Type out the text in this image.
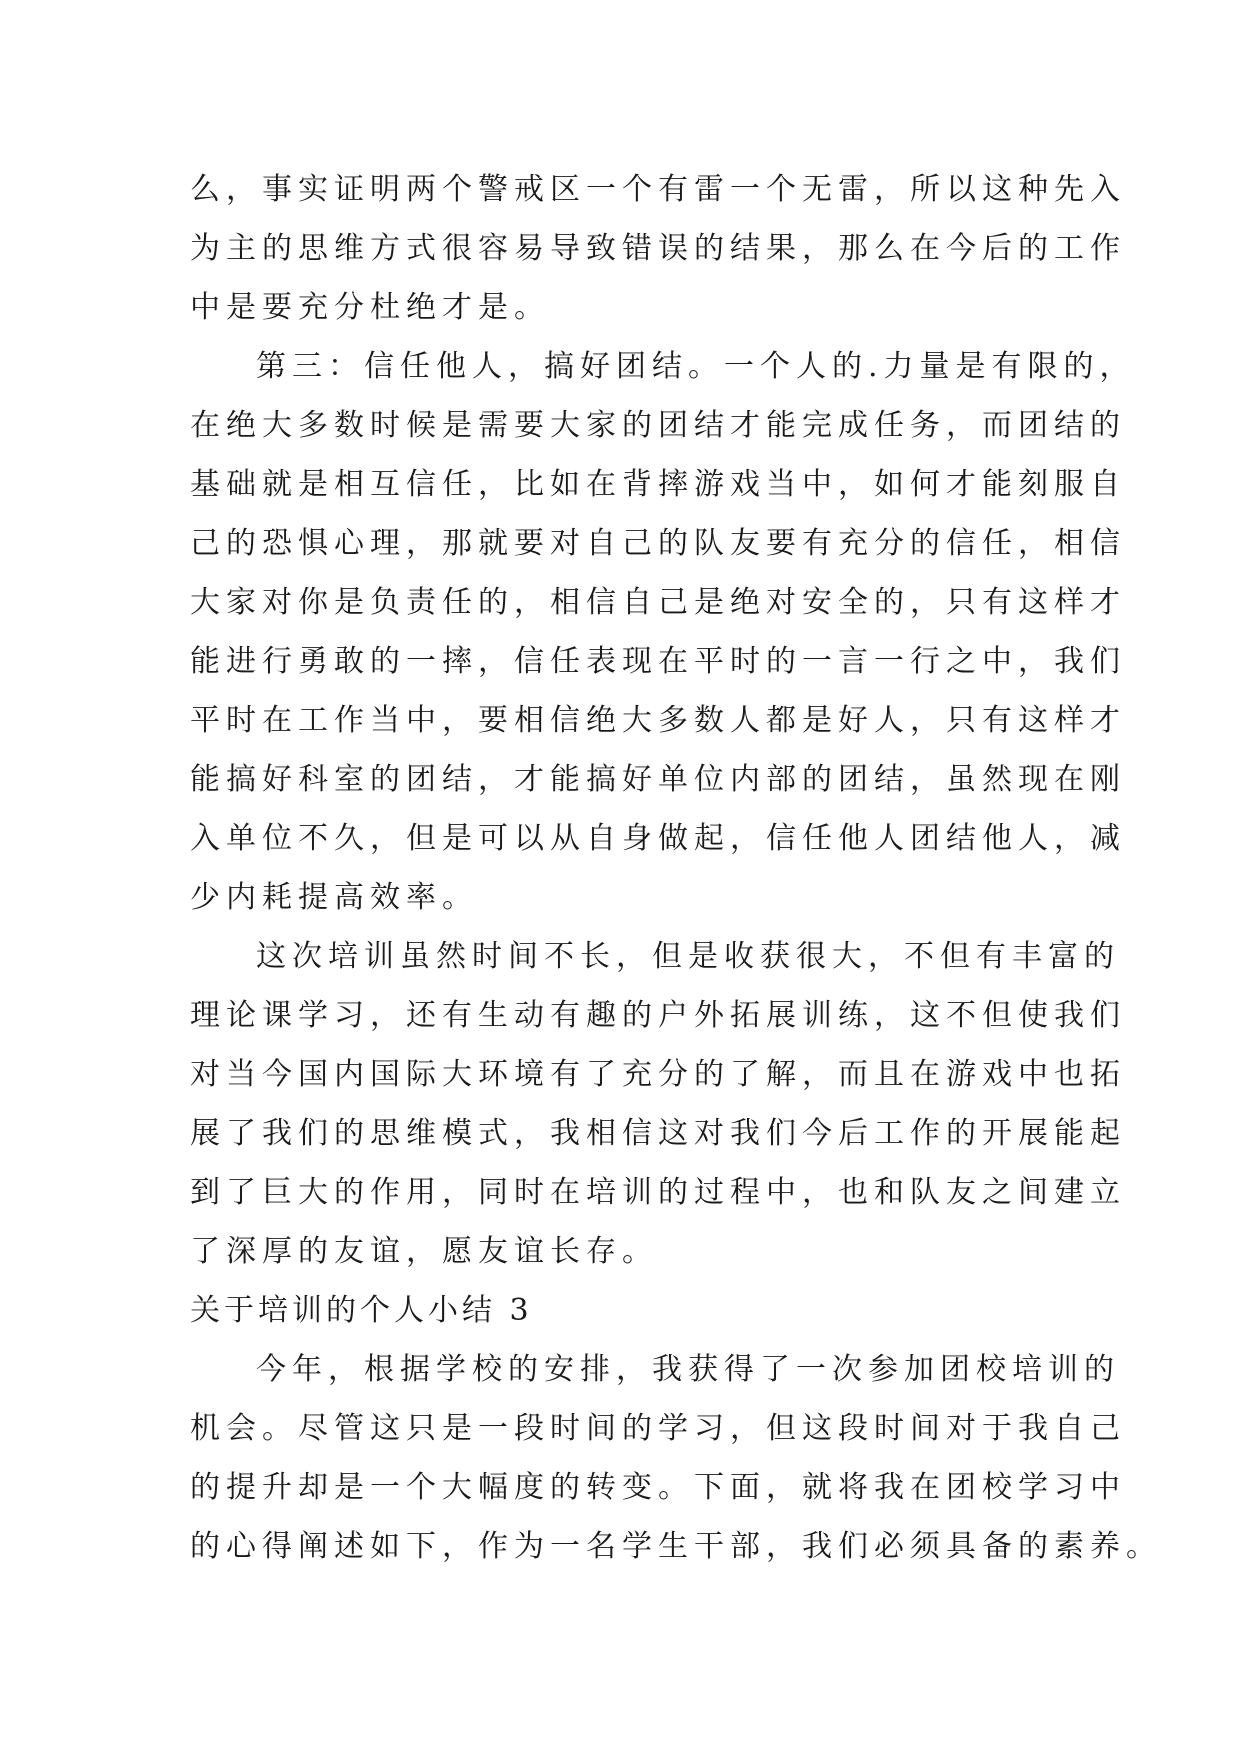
么，事实证明两个警戒区一个有雷一个无雷，所以这种先入
为主的思维方式很容易导致错误的结果，那么在今后的工作
中是要充分杜绝才是。
第三：信任他人，搞好团结。一个人的.力量是有限的，
在绝大多数时候是需要大家的团结才能完成任务，而团结的
基础就是相互信任，比如在背摔游戏当中，如何才能刻服自
己的恐惧心理，那就要对自己的队友要有充分的信任，相信
大家对你是负责任的，相信自己是绝对安全的，只有这样才
能进行勇敢的一摔，信任表现在平时的一言一行之中，我们
平时在工作当中，要相信绝大多数人都是好人，只有这样才
能搞好科室的团结，才能搞好单位内部的团结，虽然现在刚
入单位不久，但是可以从自身做起，信任他人团结他人，减
少内耗提高效率。
这次培训虽然时间不长，但是收获很大，不但有丰富的
理论课学习，还有生动有趣的户外拓展训练，这不但使我们
对当今国内国际大环境有了充分的了解，而且在游戏中也拓
展了我们的思维模式，我相信这对我们今后工作的开展能起
到了巨大的作用，同时在培训的过程中，也和队友之间建立
了深厚的友谊，愿友谊长存。
关于培训的个人小结 3
今年，根据学校的安排，我获得了一次参加团校培训的
机会。尽管这只是一段时间的学习，但这段时间对于我自己
的提升却是一个大幅度的转变。下面，就将我在团校学习中
的心得阐述如下，作为一名学生干部，我们必须具备的素养。
